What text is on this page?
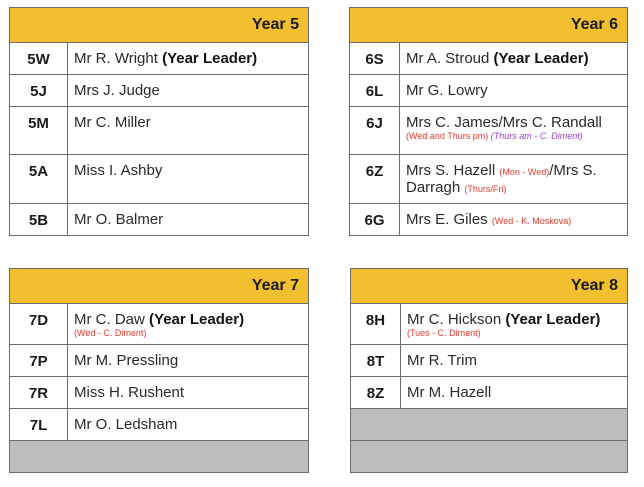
Year 5	
5W	Mr R. Wright (Year Leader)
5J	Mrs J. Judge
5M	Mr C. Miller
5A	Miss I. Ashby
5B	Mr O. Balmer
Year 6	
6S	Mr A. Stroud (Year Leader)
6L	Mr G. Lowry
6J	Mrs C. James/Mrs C. Randall
(Wed and Thurs pm) (Thurs am - C. Diment)

6Z	Mrs S. Hazell (Mon - Wed)/Mrs S. Darragh (Thurs/Fri)
6G	Mrs E. Giles (Wed - K. Moskova)
Year 7	
7D	Mr C. Daw (Year Leader)
(Wed - C. Diment)

7P	Mr M. Pressling
7R	Miss H. Rushent
7L	Mr O. Ledsham

Year 8	
8H	Mr C. Hickson (Year Leader)
(Tues - C. Diment)

8T	Mr R. Trim
8Z	Mr M. Hazell
